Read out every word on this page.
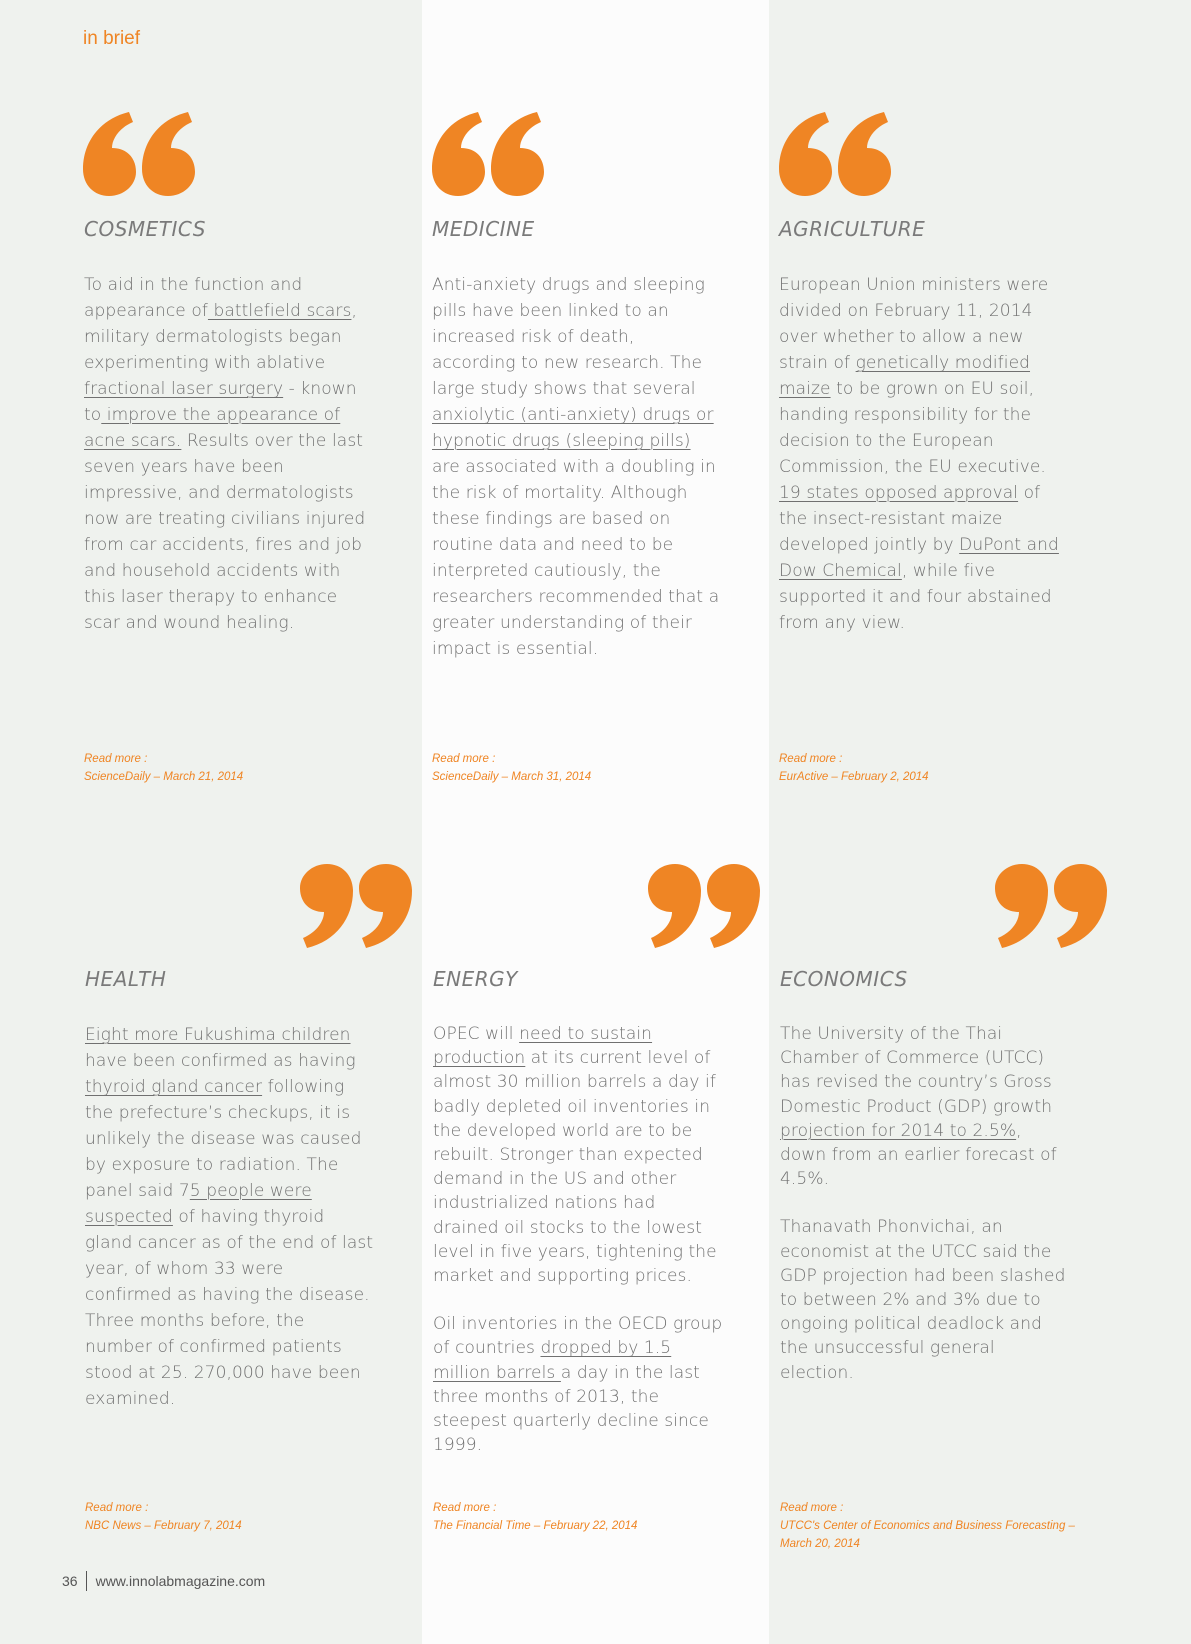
in brief
COSMETICS

To aid in the function and appearance of battlefield scars, military dermatologists began experimenting with ablative fractional laser surgery - known to improve the appearance of acne scars. Results over the last seven years have been impressive, and dermatologists now are treating civilians injured from car accidents, fires and job and household accidents with this laser therapy to enhance scar and wound healing.

MEDICINE

Anti-anxiety drugs and sleeping pills have been linked to an increased risk of death, according to new research. The large study shows that several anxiolytic (anti-anxiety) drugs or hypnotic drugs (sleeping pills) are associated with a doubling in the risk of mortality. Although these findings are based on routine data and need to be interpreted cautiously, the researchers recommended that a greater understanding of their impact is essential.

AGRICULTURE

European Union ministers were divided on February 11, 2014 over whether to allow a new strain of genetically modified maize to be grown on EU soil, handing responsibility for the decision to the European Commission, the EU executive. 19 states opposed approval of the insect-resistant maize developed jointly by DuPont and Dow Chemical, while five supported it and four abstained from any view.

Read more :
ScienceDaily – March 21, 2014
Read more :
ScienceDaily – March 31, 2014
Read more :
EurActive – February 2, 2014
HEALTH

Eight more Fukushima children have been confirmed as having thyroid gland cancer following the prefecture’s checkups, it is unlikely the disease was caused by exposure to radiation. The panel said 75 people were suspected of having thyroid gland cancer as of the end of last year, of whom 33 were confirmed as having the disease. Three months before, the number of confirmed patients stood at 25. 270,000 have been examined.

ENERGY

OPEC will need to sustain production at its current level of almost 30 million barrels a day if badly depleted oil inventories in the developed world are to be rebuilt. Stronger than expected demand in the US and other industrialized nations had drained oil stocks to the lowest level in five years, tightening the market and supporting prices.

Oil inventories in the OECD group of countries dropped by 1.5 million barrels a day in the last three months of 2013, the steepest quarterly decline since 1999.

ECONOMICS

The University of the Thai Chamber of Commerce (UTCC) has revised the country’s Gross Domestic Product (GDP) growth projection for 2014 to 2.5%, down from an earlier forecast of 4.5%.

Thanavath Phonvichai, an economist at the UTCC said the GDP projection had been slashed to between 2% and 3% due to ongoing political deadlock and the unsuccessful general election.

Read more :
NBC News – February 7, 2014
Read more :
The Financial Time – February 22, 2014
Read more :
UTCC's Center of Economics and Business Forecasting – March 20, 2014
36 www.innolabmagazine.com
